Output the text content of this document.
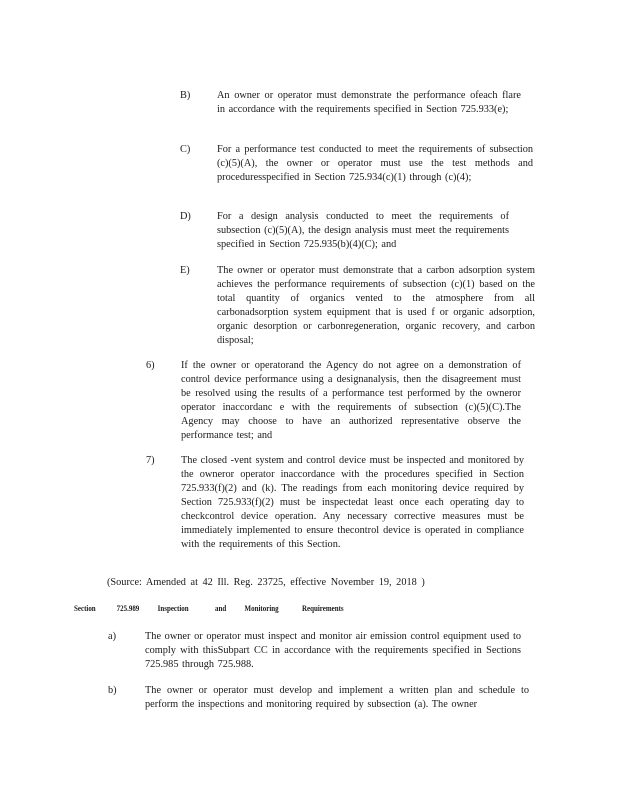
B)	An owner or operator must demonstrate the performance ofeach flare in accordance with the requirements specified in Section 725.933(e);
C)	For a performance test conducted to meet the requirements of subsection (c)(5)(A), the owner or operator must use the test methods and proceduresspecified in Section 725.934(c)(1) through (c)(4);
D)	For a design analysis conducted to meet the requirements of subsection (c)(5)(A), the design analysis must meet the requirements specified in Section 725.935(b)(4)(C); and
E)	The owner or operator must demonstrate that a carbon adsorption system achieves the performance requirements of subsection (c)(1) based on the total quantity of organics vented to the atmosphere from all carbonadsorption system equipment that is used f or organic adsorption, organic desorption or carbonregeneration, organic recovery, and carbon disposal;
6)	If the owner or operatorand the Agency do not agree on a demonstration of control device performance using a designanalysis, then the disagreement must be resolved using the results of a performance test performed by the owneror operator inaccordanc e with the requirements of subsection (c)(5)(C).The Agency may choose to have an authorized representative observe the performance test; and
7)	The closed -vent system and control device must be inspected and monitored by the owneror operator inaccordance with the procedures specified in Section 725.933(f)(2) and (k). The readings from each monitoring device required by Section 725.933(f)(2) must be inspectedat least once each operating day to checkcontrol device operation. Any necessary corrective measures must be immediately implemented to ensure thecontrol device is operated in compliance with the requirements of this Section.
(Source: Amended at 42 Ill. Reg. 23725, effective November 19, 2018 )
Section 725.989 Inspection	and Monitoring	Requirements
a)	The owner or operator must inspect and monitor air emission control equipment used to comply with thisSubpart CC in accordance with the requirements specified in Sections 725.985 through 725.988.
b)	The owner or operator must develop and implement a written plan and schedule to perform the inspections and monitoring required by subsection (a). The owner
